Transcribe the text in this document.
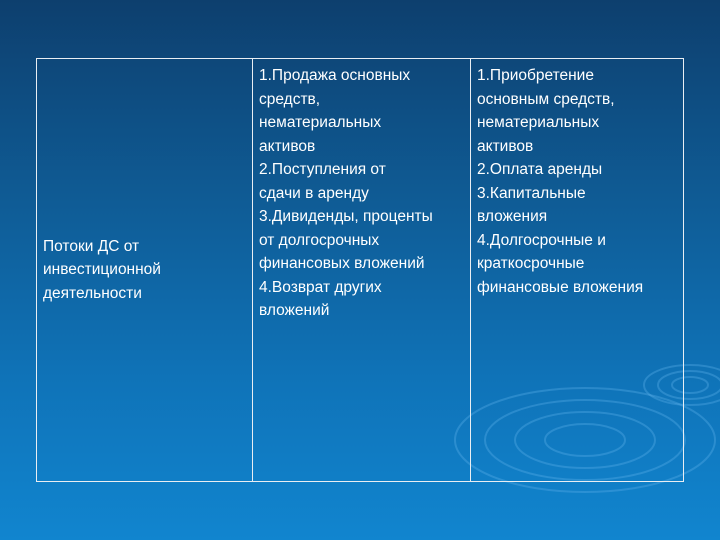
Потоки ДС от
инвестиционной
деятельности

1.Продажа основных
средств,
нематериальных
активов
2.Поступления от
сдачи в аренду
3.Дивиденды, проценты
от долгосрочных
финансовых вложений
4.Возврат других
вложений

1.Приобретение
основным средств,
нематериальных
активов
2.Оплата аренды
3.Капитальные
вложения
4.Долгосрочные и
краткосрочные
финансовые вложения
